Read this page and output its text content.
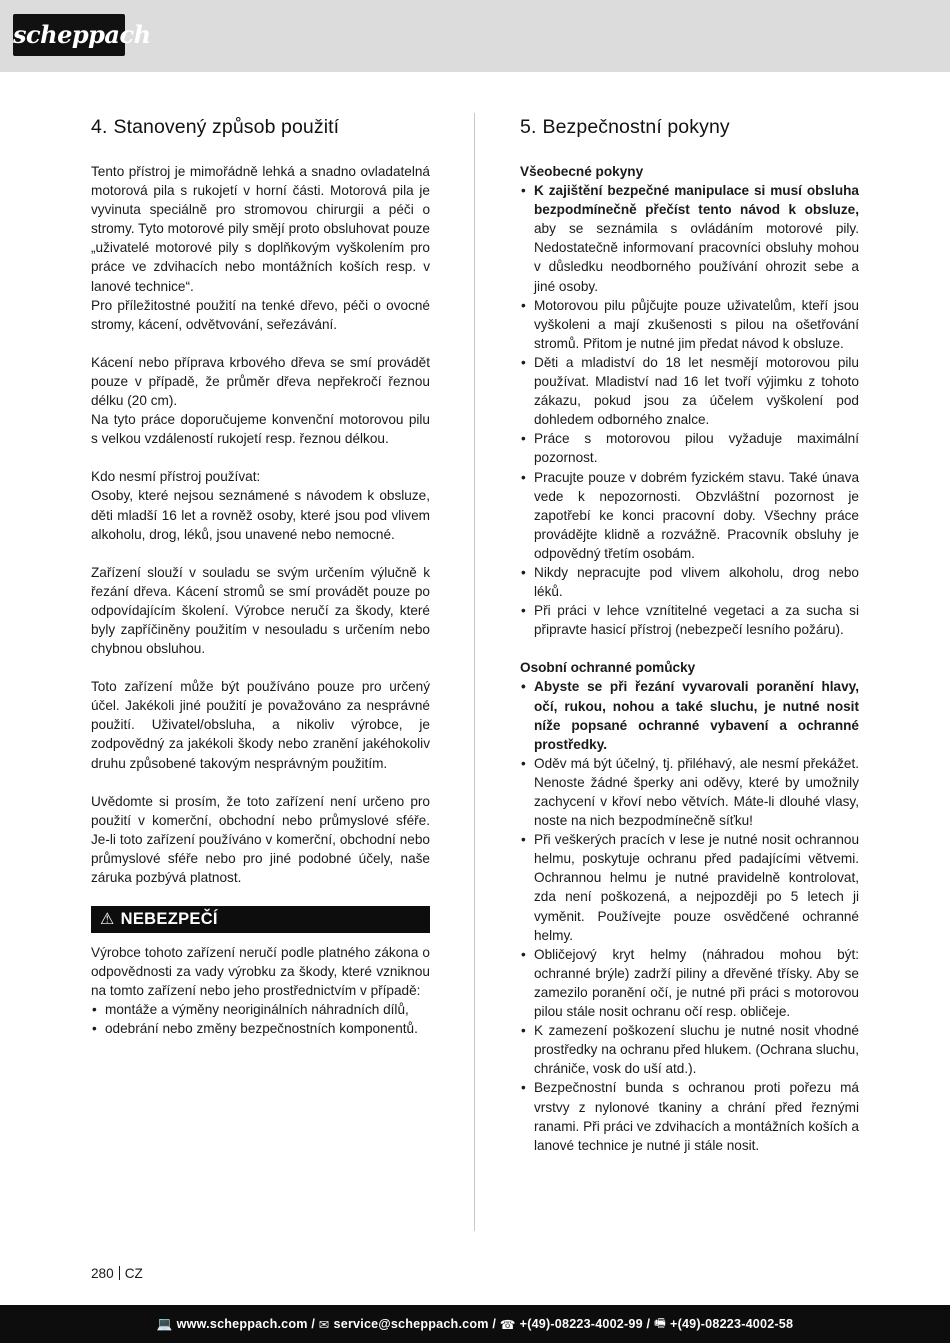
scheppach
4. Stanovený způsob použití

Tento přístroj je mimořádně lehká a snadno ovladatelná motorová pila s rukojetí v horní části. Motorová pila je vyvinuta speciálně pro stromovou chirurgii a péči o stromy. Tyto motorové pily smějí proto obsluhovat pouze „uživatelé motorové pily s doplňkovým vyškolením pro práce ve zdvihacích nebo montážních koších resp. v lanové technice“.

Pro příležitostné použití na tenké dřevo, péči o ovocné stromy, kácení, odvětvování, seřezávání.

Kácení nebo příprava krbového dřeva se smí provádět pouze v případě, že průměr dřeva nepřekročí řeznou délku (20 cm).

Na tyto práce doporučujeme konvenční motorovou pilu s velkou vzdáleností rukojetí resp. řeznou délkou.

Kdo nesmí přístroj používat:

Osoby, které nejsou seznámené s návodem k obsluze, děti mladší 16 let a rovněž osoby, které jsou pod vlivem alkoholu, drog, léků, jsou unavené nebo nemocné.

Zařízení slouží v souladu se svým určením výlučně k řezání dřeva. Kácení stromů se smí provádět pouze po odpovídajícím školení. Výrobce neručí za škody, které byly zapříčiněny použitím v nesouladu s určením nebo chybnou obsluhou.

Toto zařízení může být používáno pouze pro určený účel. Jakékoli jiné použití je považováno za nesprávné použití. Uživatel/obsluha, a nikoliv výrobce, je zodpovědný za jakékoli škody nebo zranění jakéhokoliv druhu způsobené takovým nesprávným použitím.

Uvědomte si prosím, že toto zařízení není určeno pro použití v komerční, obchodní nebo průmyslové sféře. Je-li toto zařízení používáno v komerční, obchodní nebo průmyslové sféře nebo pro jiné podobné účely, naše záruka pozbývá platnost.

⚠ NEBEZPEČÍ

Výrobce tohoto zařízení neručí podle platného zákona o odpovědnosti za vady výrobku za škody, které vzniknou na tomto zařízení nebo jeho prostřednictvím v případě:

• montáže a výměny neoriginálních náhradních dílů,
• odebrání nebo změny bezpečnostních komponentů.
5. Bezpečnostní pokyny

Všeobecné pokyny

• K zajištění bezpečné manipulace si musí obsluha bezpodmínečně přečíst tento návod k obsluze, aby se seznámila s ovládáním motorové pily. Nedostatečně informovaní pracovníci obsluhy mohou v důsledku neodborného používání ohrozit sebe a jiné osoby.
• Motorovou pilu půjčujte pouze uživatelům, kteří jsou vyškoleni a mají zkušenosti s pilou na ošetřování stromů. Přitom je nutné jim předat návod k obsluze.
• Děti a mladiství do 18 let nesmějí motorovou pilu používat. Mladiství nad 16 let tvoří výjimku z tohoto zákazu, pokud jsou za účelem vyškolení pod dohledem odborného znalce.
• Práce s motorovou pilou vyžaduje maximální pozornost.
• Pracujte pouze v dobrém fyzickém stavu. Také únava vede k nepozornosti. Obzvláštní pozornost je zapotřebí ke konci pracovní doby. Všechny práce provádějte klidně a rozvážně. Pracovník obsluhy je odpovědný třetím osobám.
• Nikdy nepracujte pod vlivem alkoholu, drog nebo léků.
• Při práci v lehce vznítitelné vegetaci a za sucha si připravte hasicí přístroj (nebezpečí lesního požáru).

Osobní ochranné pomůcky

• Abyste se při řezání vyvarovali poranění hlavy, očí, rukou, nohou a také sluchu, je nutné nosit níže popsané ochranné vybavení a ochranné prostředky.
• Oděv má být účelný, tj. přiléhavý, ale nesmí překážet. Nenoste žádné šperky ani oděvy, které by umožnily zachycení v křoví nebo větvích. Máte-li dlouhé vlasy, noste na nich bezpodmínečně síťku!
• Při veškerých pracích v lese je nutné nosit ochrannou helmu, poskytuje ochranu před padajícími větvemi. Ochrannou helmu je nutné pravidelně kontrolovat, zda není poškozená, a nejpozději po 5 letech ji vyměnit. Používejte pouze osvědčené ochranné helmy.
• Obličejový kryt helmy (náhradou mohou být: ochranné brýle) zadrží piliny a dřevěné třísky. Aby se zamezilo poranění očí, je nutné při práci s motorovou pilou stále nosit ochranu očí resp. obličeje.
• K zamezení poškození sluchu je nutné nosit vhodné prostředky na ochranu před hlukem. (Ochrana sluchu, chrániče, vosk do uší atd.).
• Bezpečnostní bunda s ochranou proti pořezu má vrstvy z nylonové tkaniny a chrání před řeznými ranami. Při práci ve zdvihacích a montážních koších a lanové technice je nutné ji stále nosit.
280 CZ
💻 www.scheppach.com / ✉ service@scheppach.com / ☎ +(49)-08223-4002-99 / 🖷 +(49)-08223-4002-58
